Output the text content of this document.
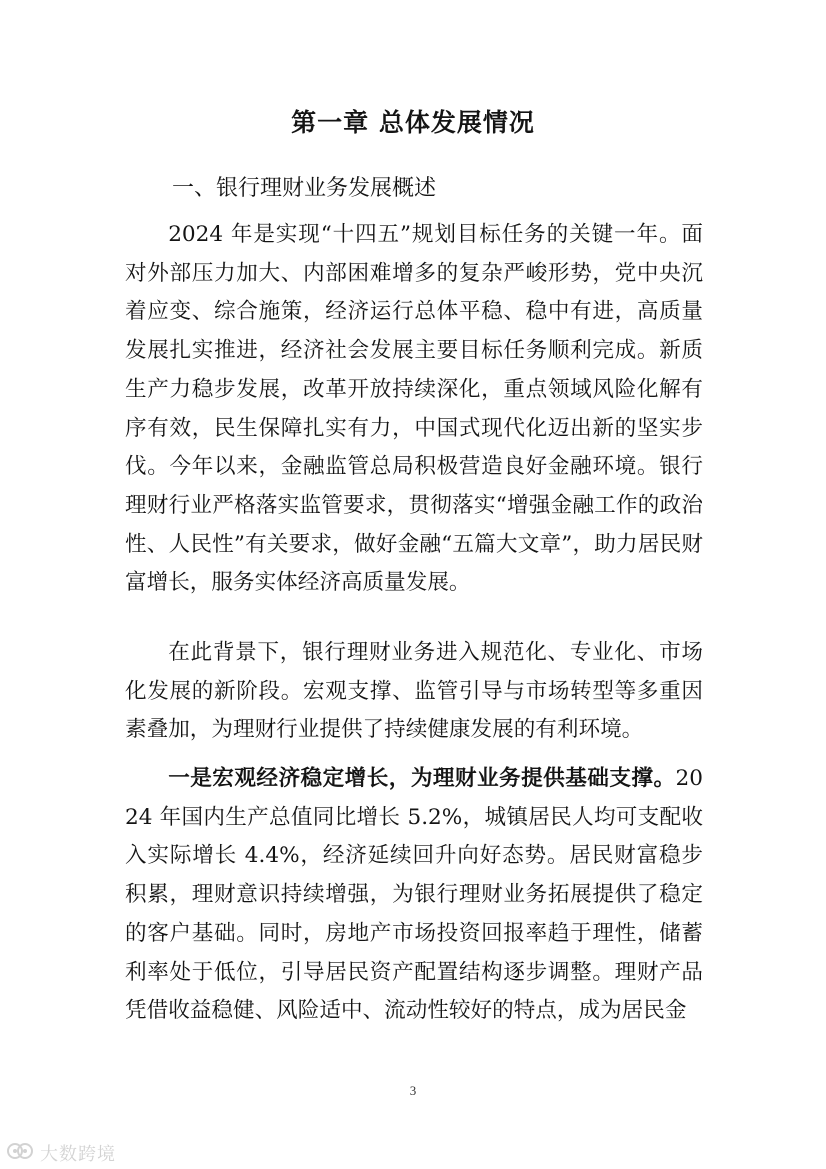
第一章 总体发展情况
一、银行理财业务发展概述

2024 年是实现“十四五”规划目标任务的关键一年。面对外部压力加大、内部困难增多的复杂严峻形势，党中央沉着应变、综合施策，经济运行总体平稳、稳中有进，高质量发展扎实推进，经济社会发展主要目标任务顺利完成。新质生产力稳步发展，改革开放持续深化，重点领域风险化解有序有效，民生保障扎实有力，中国式现代化迈出新的坚实步伐。今年以来，金融监管总局积极营造良好金融环境。银行理财行业严格落实监管要求，贯彻落实“增强金融工作的政治性、人民性”有关要求，做好金融“五篇大文章”，助力居民财富增长，服务实体经济高质量发展。

在此背景下，银行理财业务进入规范化、专业化、市场化发展的新阶段。宏观支撑、监管引导与市场转型等多重因素叠加，为理财行业提供了持续健康发展的有利环境。

一是宏观经济稳定增长，为理财业务提供基础支撑。2024 年国内生产总值同比增长 5.2%，城镇居民人均可支配收入实际增长 4.4%，经济延续回升向好态势。居民财富稳步积累，理财意识持续增强，为银行理财业务拓展提供了稳定的客户基础。同时，房地产市场投资回报率趋于理性，储蓄利率处于低位，引导居民资产配置结构逐步调整。理财产品凭借收益稳健、风险适中、流动性较好的特点，成为居民金

3
大数跨境
